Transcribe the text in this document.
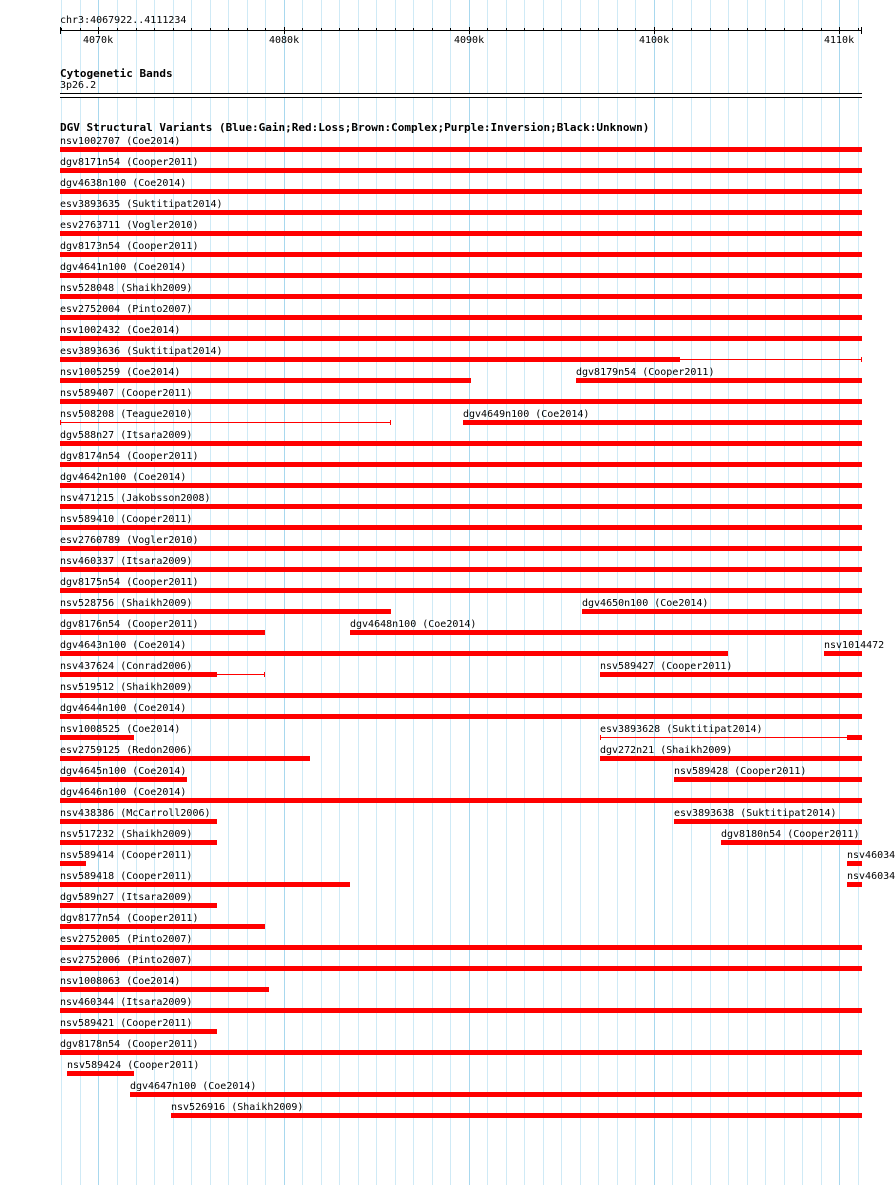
chr3:4067922..4111234
4070k	4080k	4090k	4100k	4110k
Cytogenetic Bands
3p26.2
DGV Structural Variants (Blue:Gain;Red:Loss;Brown:Complex;Purple:Inversion;Black:Unknown)
nsv1002707 (Coe2014)
dgv8171n54 (Cooper2011)
dgv4638n100 (Coe2014)
esv3893635 (Suktitipat2014)
esv2763711 (Vogler2010)
dgv8173n54 (Cooper2011)
dgv4641n100 (Coe2014)
nsv528048 (Shaikh2009)
esv2752004 (Pinto2007)
nsv1002432 (Coe2014)
esv3893636 (Suktitipat2014)
nsv1005259 (Coe2014)	dgv8179n54 (Cooper2011)
nsv589407 (Cooper2011)
nsv508208 (Teague2010)	dgv4649n100 (Coe2014)
dgv588n27 (Itsara2009)
dgv8174n54 (Cooper2011)
dgv4642n100 (Coe2014)
nsv471215 (Jakobsson2008)
nsv589410 (Cooper2011)
esv2760789 (Vogler2010)
nsv460337 (Itsara2009)
dgv8175n54 (Cooper2011)
nsv528756 (Shaikh2009)	dgv4650n100 (Coe2014)
dgv8176n54 (Cooper2011)	dgv4648n100 (Coe2014)
dgv4643n100 (Coe2014)	nsv1014472
nsv437624 (Conrad2006)	nsv589427 (Cooper2011)
nsv519512 (Shaikh2009)
dgv4644n100 (Coe2014)
nsv1008525 (Coe2014)	esv3893628 (Suktitipat2014)
esv2759125 (Redon2006)	dgv272n21 (Shaikh2009)
dgv4645n100 (Coe2014)	nsv589428 (Cooper2011)
dgv4646n100 (Coe2014)
nsv438386 (McCarroll2006)	esv3893638 (Suktitipat2014)
nsv517232 (Shaikh2009)	dgv8180n54 (Cooper2011)
nsv589414 (Cooper2011)	nsv46034
nsv589418 (Cooper2011)	nsv46034
dgv589n27 (Itsara2009)
dgv8177n54 (Cooper2011)
esv2752005 (Pinto2007)
esv2752006 (Pinto2007)
nsv1008063 (Coe2014)
nsv460344 (Itsara2009)
nsv589421 (Cooper2011)
dgv8178n54 (Cooper2011)
nsv589424 (Cooper2011)
dgv4647n100 (Coe2014)
nsv526916 (Shaikh2009)
